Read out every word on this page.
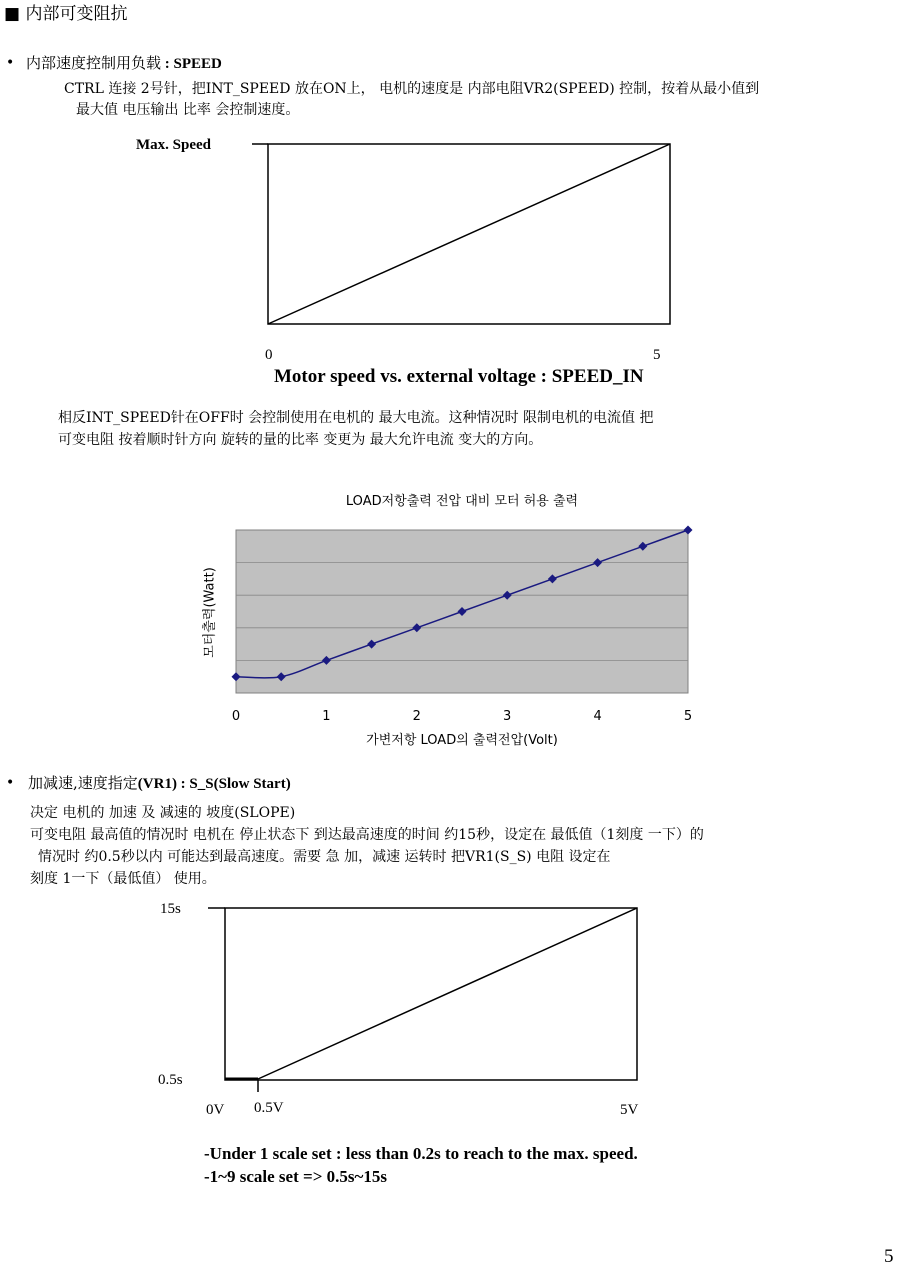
■ 内部可变阻抗
• 内部速度控制用负载 : SPEED
CTRL 连接 2号针，把INT_SPEED 放在ON上， 电机的速度是 内部电阻VR2(SPEED) 控制，按着从最小值到
最大值 电压输出 比率 会控制速度。
Max. Speed
0	5
Motor speed vs. external voltage : SPEED_IN
相反INT_SPEED针在OFF时 会控制使用在电机的 最大电流。这种情况时 限制电机的电流值 把
可变电阻 按着顺时针方向 旋转的量的比率 变更为 最大允许电流 变大的方向。
LOAD저항출력 전압 대비 모터 허용 출력
모터출력(Watt)
0	1	2	3	4	5
가변저항 LOAD의 출력전압(Volt)
• 加减速,速度指定(VR1) : S_S(Slow Start)
决定 电机的 加速 及 减速的 坡度(SLOPE)
可变电阻 最高值的情况时 电机在 停止状态下 到达最高速度的时间 约15秒，设定在 最低值（1刻度 一下）的
情况时 约0.5秒以内 可能达到最高速度。需要 急 加，减速 运转时 把VR1(S_S) 电阻 设定在
刻度 1一下（最低值） 使用。
15s
0.5s
0V 0.5V	5V
-Under 1 scale set : less than 0.2s to reach to the max. speed.
-1~9 scale set => 0.5s~15s
5
